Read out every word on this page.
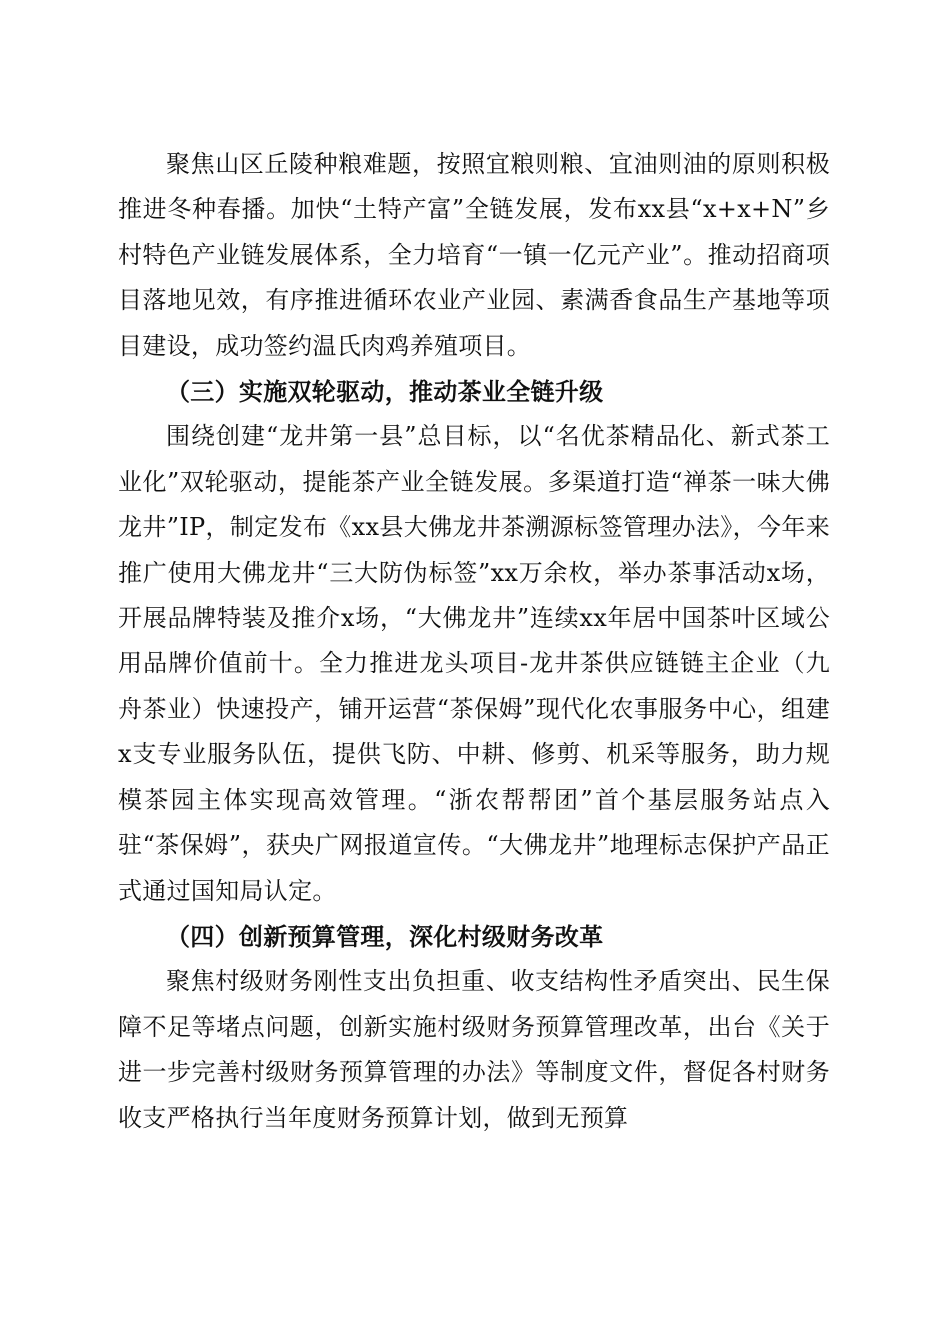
聚焦山区丘陵种粮难题，按照宜粮则粮、宜油则油的原则积极推进冬种春播。加快“土特产富”全链发展，发布xx县“x+x+N”乡村特色产业链发展体系，全力培育“一镇一亿元产业”。推动招商项目落地见效，有序推进循环农业产业园、素满香食品生产基地等项目建设，成功签约温氏肉鸡养殖项目。

（三）实施双轮驱动，推动茶业全链升级

围绕创建“龙井第一县”总目标，以“名优茶精品化、新式茶工业化”双轮驱动，提能茶产业全链发展。多渠道打造“禅茶一味大佛龙井”IP，制定发布《xx县大佛龙井茶溯源标签管理办法》，今年来推广使用大佛龙井“三大防伪标签”xx万余枚，举办茶事活动x场，开展品牌特装及推介x场，“大佛龙井”连续xx年居中国茶叶区域公用品牌价值前十。全力推进龙头项目-龙井茶供应链链主企业（九舟茶业）快速投产，铺开运营“茶保姆”现代化农事服务中心，组建x支专业服务队伍，提供飞防、中耕、修剪、机采等服务，助力规模茶园主体实现高效管理。“浙农帮帮团”首个基层服务站点入驻“茶保姆”，获央广网报道宣传。“大佛龙井”地理标志保护产品正式通过国知局认定。

（四）创新预算管理，深化村级财务改革

聚焦村级财务刚性支出负担重、收支结构性矛盾突出、民生保障不足等堵点问题，创新实施村级财务预算管理改革，出台《关于进一步完善村级财务预算管理的办法》等制度文件，督促各村财务收支严格执行当年度财务预算计划，做到无预算
